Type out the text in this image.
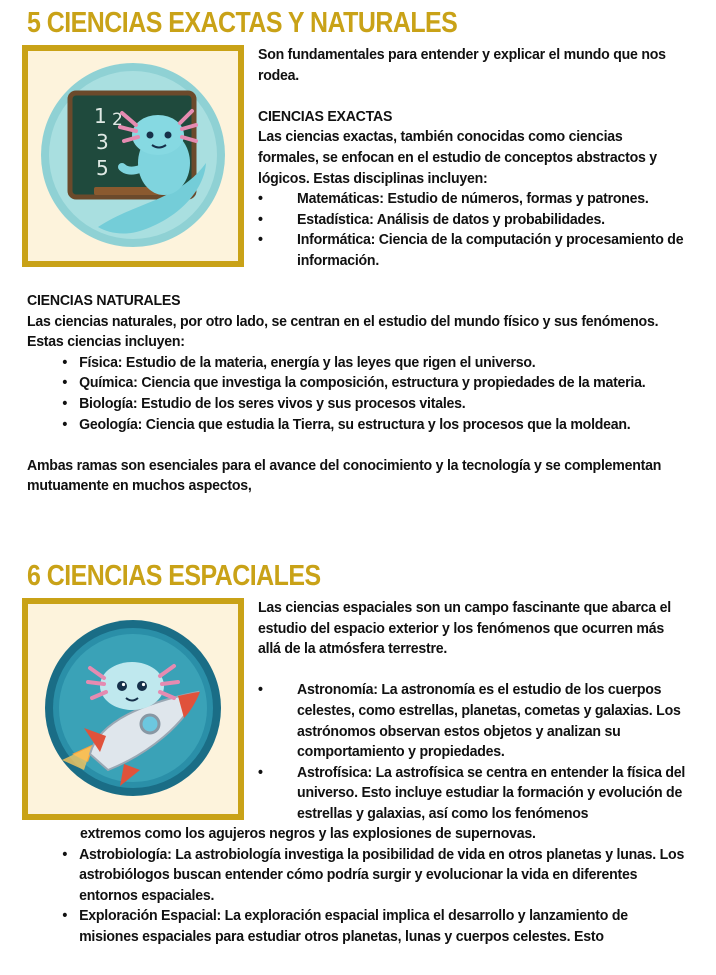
5 CIENCIAS EXACTAS Y NATURALES
1 2
3
5

Son fundamentales para entender y explicar el mundo que nos rodea.

CIENCIAS EXACTAS

Las ciencias exactas, también conocidas como ciencias formales, se enfocan en el estudio de conceptos abstractos y lógicos. Estas disciplinas incluyen:

• Matemáticas: Estudio de números, formas y patrones.

• Estadística: Análisis de datos y probabilidades.

• Informática: Ciencia de la computación y procesamiento de información.

CIENCIAS NATURALES

Las ciencias naturales, por otro lado, se centran en el estudio del mundo físico y sus fenómenos. Estas ciencias incluyen:

• Física: Estudio de la materia, energía y las leyes que rigen el universo.
• Química: Ciencia que investiga la composición, estructura y propiedades de la materia.
• Biología: Estudio de los seres vivos y sus procesos vitales.
• Geología: Ciencia que estudia la Tierra, su estructura y los procesos que la moldean.

Ambas ramas son esenciales para el avance del conocimiento y la tecnología y se complementan mutuamente en muchos aspectos,

6 CIENCIAS ESPACIALES

Las ciencias espaciales son un campo fascinante que abarca el estudio del espacio exterior y los fenómenos que ocurren más allá de la atmósfera terrestre.

• Astronomía: La astronomía es el estudio de los cuerpos celestes, como estrellas, planetas, cometas y galaxias. Los astrónomos observan estos objetos y analizan su comportamiento y propiedades.

• Astrofísica: La astrofísica se centra en entender la física del universo. Esto incluye estudiar la formación y evolución de estrellas y galaxias, así como los fenómenos

extremos como los agujeros negros y las explosiones de supernovas.

• Astrobiología: La astrobiología investiga la posibilidad de vida en otros planetas y lunas. Los astrobiólogos buscan entender cómo podría surgir y evolucionar la vida en diferentes entornos espaciales.
• Exploración Espacial: La exploración espacial implica el desarrollo y lanzamiento de misiones espaciales para estudiar otros planetas, lunas y cuerpos celestes. Esto
